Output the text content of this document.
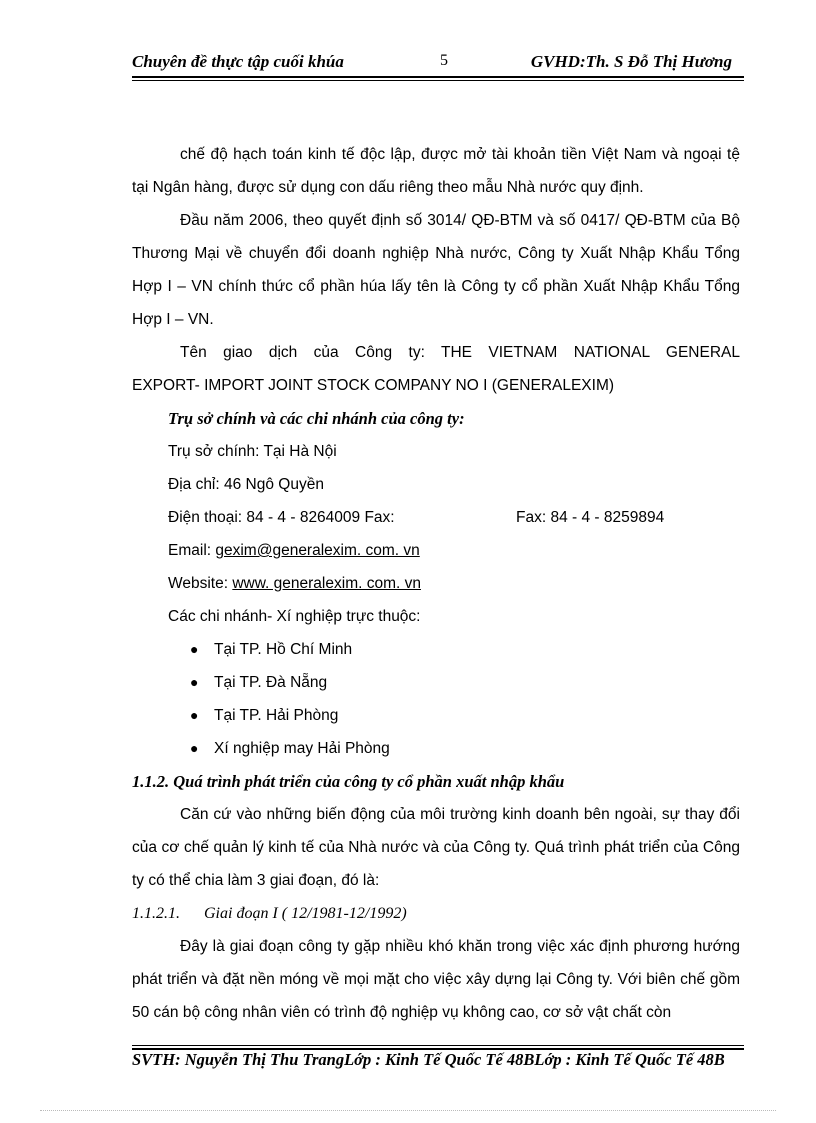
Chuyên đề thực tập cuối khúa	5	GVHD:Th. S Đỗ Thị Hương

chế độ hạch toán kinh tế độc lập, được mở tài khoản tiền Việt Nam và ngoại tệ

tại Ngân hàng, được sử dụng con dấu riêng theo mẫu Nhà nước quy định.

Đầu năm 2006, theo quyết định số 3014/ QĐ-BTM và số 0417/ QĐ-BTM của Bộ Thương Mại về chuyển đổi doanh nghiệp Nhà nước, Công ty Xuất Nhập Khẩu Tổng Hợp I – VN chính thức cổ phần húa lấy tên là Công ty cổ phần Xuất Nhập Khẩu Tổng Hợp I – VN.

Tên giao dịch của Công ty: THE VIETNAM NATIONAL GENERAL

EXPORT- IMPORT JOINT STOCK COMPANY NO I (GENERALEXIM)

Trụ sở chính và các chi nhánh của công ty:

Trụ sở chính: Tại Hà Nội

Địa chỉ: 46 Ngô Quyền

Điện thoại: 84 - 4 - 8264009 Fax:	Fax: 84 - 4 - 8259894

Email: gexim@generalexim. com. vn

Website: www. generalexim. com. vn

Các chi nhánh- Xí nghiệp trực thuộc:

● Tại TP. Hồ Chí Minh
● Tại TP. Đà Nẵng
● Tại TP. Hải Phòng
● Xí nghiệp may Hải Phòng

1.1.2. Quá trình phát triển của công ty cổ phần xuất nhập khẩu

Căn cứ vào những biến động của môi trường kinh doanh bên ngoài, sự thay đổi của cơ chế quản lý kinh tế của Nhà nước và của Công ty. Quá trình phát triển của Công ty có thể chia làm 3 giai đoạn, đó là:

1.1.2.1. Giai đoạn I ( 12/1981-12/1992)

Đây là giai đoạn công ty gặp nhiều khó khăn trong việc xác định phương hướng phát triển và đặt nền móng về mọi mặt cho việc xây dựng lại Công ty. Với biên chế gồm 50 cán bộ công nhân viên có trình độ nghiệp vụ không cao, cơ sở vật chất còn

SVTH: Nguyễn Thị Thu TrangLớp : Kinh Tế Quốc Tế 48BLớp : Kinh Tế Quốc Tế 48B
